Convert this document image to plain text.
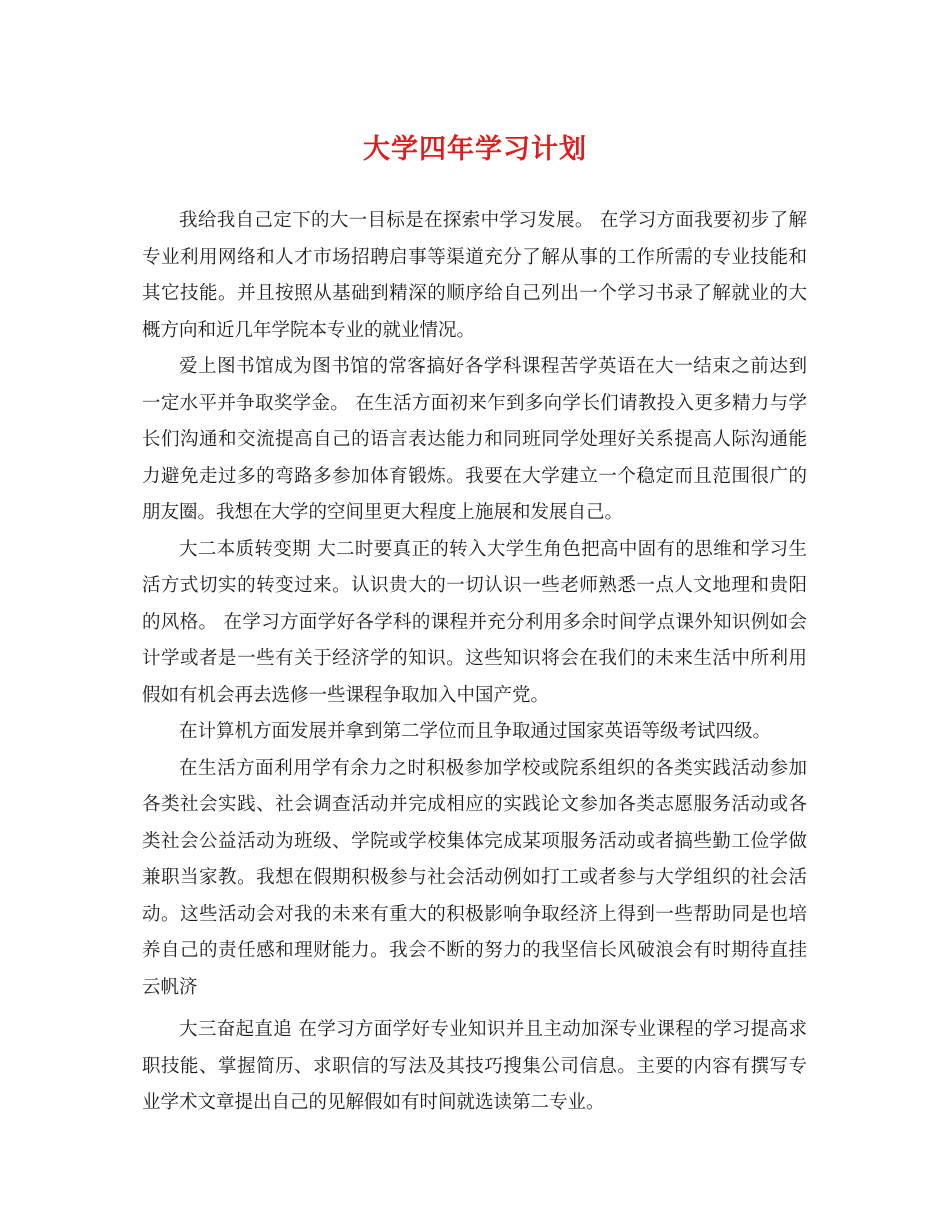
大学四年学习计划

我给我自己定下的大一目标是在探索中学习发展。 在学习方面我要初步了解专业利用网络和人才市场招聘启事等渠道充分了解从事的工作所需的专业技能和其它技能。并且按照从基础到精深的顺序给自己列出一个学习书录了解就业的大概方向和近几年学院本专业的就业情况。

爱上图书馆成为图书馆的常客搞好各学科课程苦学英语在大一结束之前达到一定水平并争取奖学金。 在生活方面初来乍到多向学长们请教投入更多精力与学长们沟通和交流提高自己的语言表达能力和同班同学处理好关系提高人际沟通能力避免走过多的弯路多参加体育锻炼。我要在大学建立一个稳定而且范围很广的朋友圈。我想在大学的空间里更大程度上施展和发展自己。

大二本质转变期 大二时要真正的转入大学生角色把高中固有的思维和学习生活方式切实的转变过来。认识贵大的一切认识一些老师熟悉一点人文地理和贵阳的风格。 在学习方面学好各学科的课程并充分利用多余时间学点课外知识例如会计学或者是一些有关于经济学的知识。这些知识将会在我们的未来生活中所利用假如有机会再去选修一些课程争取加入中国产党。

在计算机方面发展并拿到第二学位而且争取通过国家英语等级考试四级。

在生活方面利用学有余力之时积极参加学校或院系组织的各类实践活动参加各类社会实践、社会调查活动并完成相应的实践论文参加各类志愿服务活动或各类社会公益活动为班级、学院或学校集体完成某项服务活动或者搞些勤工俭学做兼职当家教。我想在假期积极参与社会活动例如打工或者参与大学组织的社会活动。这些活动会对我的未来有重大的积极影响争取经济上得到一些帮助同是也培养自己的责任感和理财能力。我会不断的努力的我坚信长风破浪会有时期待直挂云帆济

大三奋起直追 在学习方面学好专业知识并且主动加深专业课程的学习提高求职技能、掌握简历、求职信的写法及其技巧搜集公司信息。主要的内容有撰写专业学术文章提出自己的见解假如有时间就选读第二专业。
